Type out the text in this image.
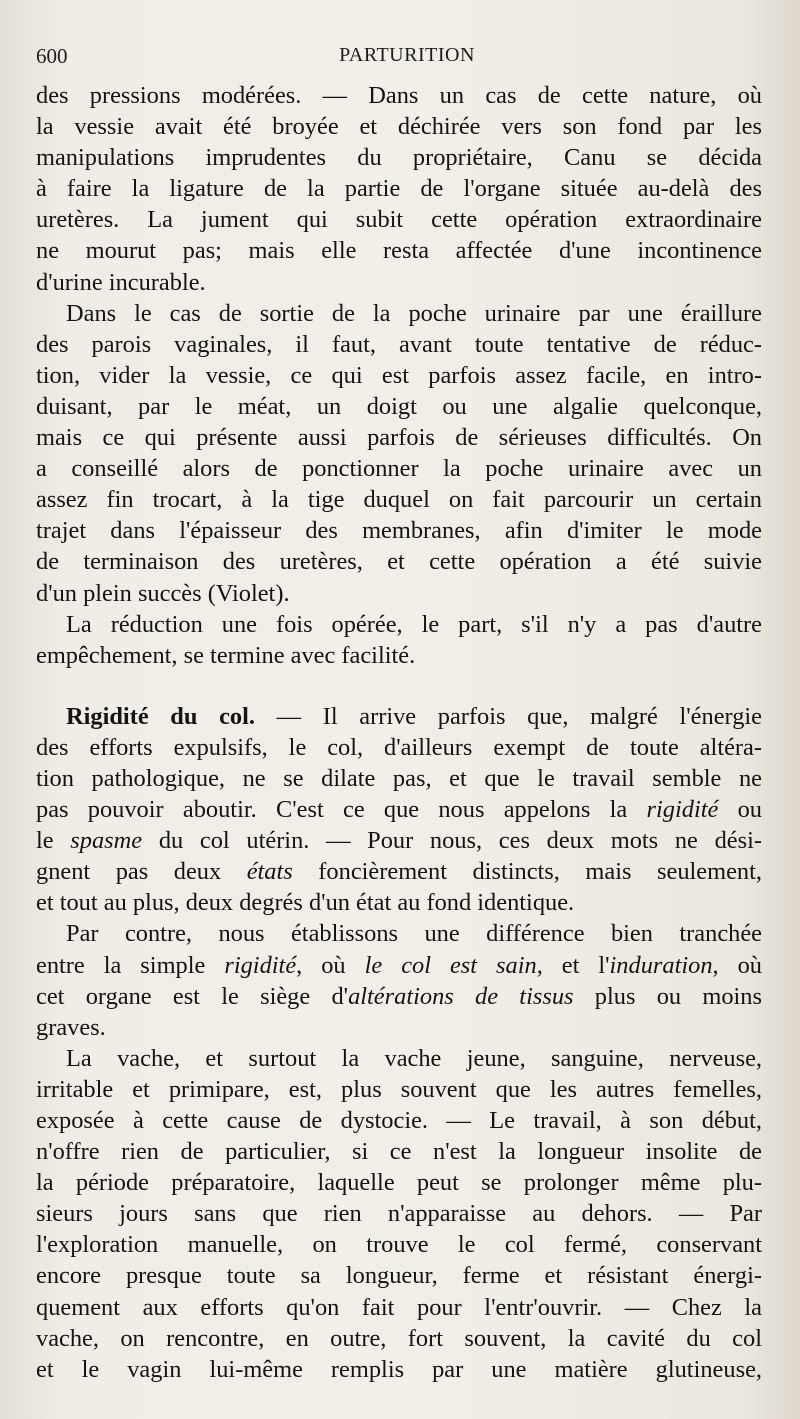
600	PARTURITION

des pressions modérées. — Dans un cas de cette nature, où
la vessie avait été broyée et déchirée vers son fond par les
manipulations imprudentes du propriétaire, Canu se décida
à faire la ligature de la partie de l'organe située au-delà des
uretères. La jument qui subit cette opération extraordinaire
ne mourut pas; mais elle resta affectée d'une incontinence
d'urine incurable.

Dans le cas de sortie de la poche urinaire par une éraillure
des parois vaginales, il faut, avant toute tentative de réduc-
tion, vider la vessie, ce qui est parfois assez facile, en intro-
duisant, par le méat, un doigt ou une algalie quelconque,
mais ce qui présente aussi parfois de sérieuses difficultés. On
a conseillé alors de ponctionner la poche urinaire avec un
assez fin trocart, à la tige duquel on fait parcourir un certain
trajet dans l'épaisseur des membranes, afin d'imiter le mode
de terminaison des uretères, et cette opération a été suivie
d'un plein succès (Violet).

La réduction une fois opérée, le part, s'il n'y a pas d'autre
empêchement, se termine avec facilité.

Rigidité du col. — Il arrive parfois que, malgré l'énergie
des efforts expulsifs, le col, d'ailleurs exempt de toute altéra-
tion pathologique, ne se dilate pas, et que le travail semble ne
pas pouvoir aboutir. C'est ce que nous appelons la rigidité ou
le spasme du col utérin. — Pour nous, ces deux mots ne dési-
gnent pas deux états foncièrement distincts, mais seulement,
et tout au plus, deux degrés d'un état au fond identique.

Par contre, nous établissons une différence bien tranchée
entre la simple rigidité, où le col est sain, et l'induration, où
cet organe est le siège d'altérations de tissus plus ou moins
graves.

La vache, et surtout la vache jeune, sanguine, nerveuse,
irritable et primipare, est, plus souvent que les autres femelles,
exposée à cette cause de dystocie. — Le travail, à son début,
n'offre rien de particulier, si ce n'est la longueur insolite de
la période préparatoire, laquelle peut se prolonger même plu-
sieurs jours sans que rien n'apparaisse au dehors. — Par
l'exploration manuelle, on trouve le col fermé, conservant
encore presque toute sa longueur, ferme et résistant énergi-
quement aux efforts qu'on fait pour l'entr'ouvrir. — Chez la
vache, on rencontre, en outre, fort souvent, la cavité du col
et le vagin lui-même remplis par une matière glutineuse,
